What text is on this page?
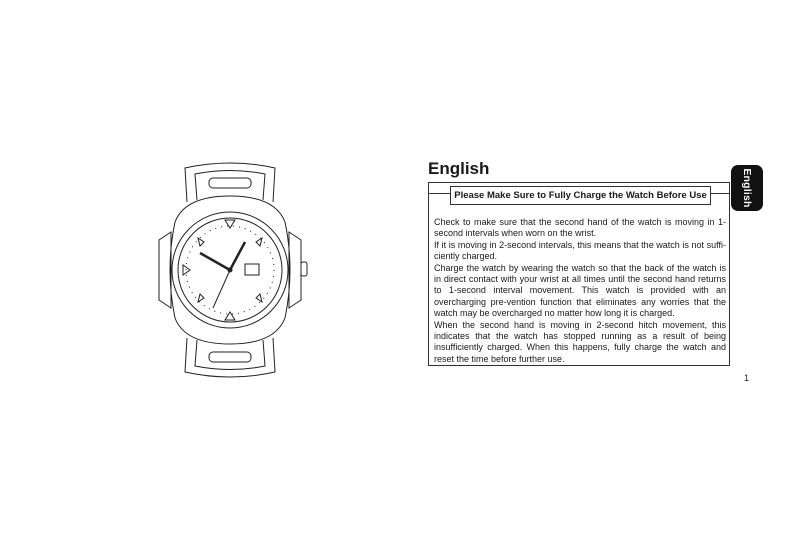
English	English
Please Make Sure to Fully Charge the Watch Before Use

Check to make sure that the second hand of the watch is moving in 1-second intervals when worn on the wrist.

If it is moving in 2-second intervals, this means that the watch is not suffi-ciently charged.

Charge the watch by wearing the watch so that the back of the watch is in direct contact with your wrist at all times until the second hand returns to 1-second interval movement. This watch is provided with an overcharging pre-vention function that eliminates any worries that the watch may be overcharged no matter how long it is charged.

When the second hand is moving in 2-second hitch movement, this indicates that the watch has stopped running as a result of being insufficiently charged. When this happens, fully charge the watch and reset the time before further use.

1
